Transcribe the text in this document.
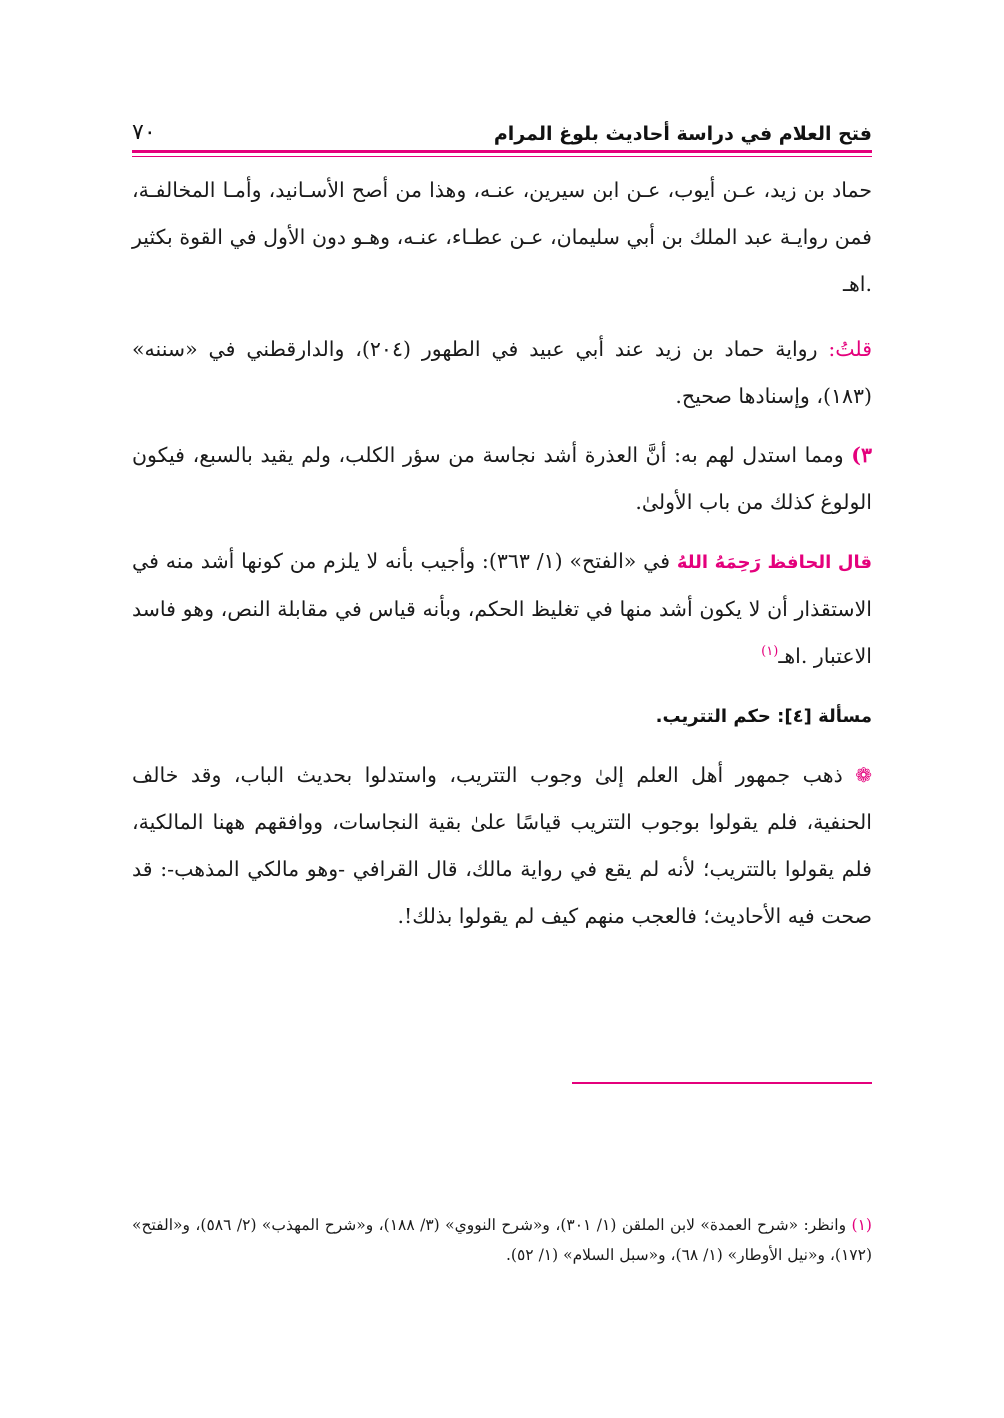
فتح العلام في دراسة أحاديث بلوغ المرام
٧٠

حماد بن زيد، عـن أيوب، عـن ابن سيرين، عنـه، وهذا من أصح الأسـانيد، وأمـا المخالفـة، فمن روايـة عبد الملك بن أبي سليمان، عـن عطـاء، عنـه، وهـو دون الأول في القوة بكثير .اهـ

قلتُ: رواية حماد بن زيد عند أبي عبيد في الطهور (٢٠٤)، والدارقطني في «سننه» (١٨٣)، وإسنادها صحيح.

٣) ومما استدل لهم به: أنَّ العذرة أشد نجاسة من سؤر الكلب، ولم يقيد بالسبع، فيكون الولوغ كذلك من باب الأولىٰ.

قال الحافظ رَحِمَهُ اللهُ في «الفتح» (١/ ٣٦٣): وأجيب بأنه لا يلزم من كونها أشد منه في الاستقذار أن لا يكون أشد منها في تغليظ الحكم، وبأنه قياس في مقابلة النص، وهو فاسد الاعتبار .اهـ$^{(١)}$

مسألة [٤]: حكم التتريب.

❁ ذهب جمهور أهل العلم إلىٰ وجوب التتريب، واستدلوا بحديث الباب، وقد خالف الحنفية، فلم يقولوا بوجوب التتريب قياسًا علىٰ بقية النجاسات، ووافقهم ههنا المالكية، فلم يقولوا بالتتريب؛ لأنه لم يقع في رواية مالك، قال القرافي -وهو مالكي المذهب-: قد صحت فيه الأحاديث؛ فالعجب منهم كيف لم يقولوا بذلك!.

(١) وانظر: «شرح العمدة» لابن الملقن (١/ ٣٠١)، و«شرح النووي» (٣/ ١٨٨)، و«شرح المهذب» (٢/ ٥٨٦)، و«الفتح» (١٧٢)، و«نيل الأوطار» (١/ ٦٨)، و«سبل السلام» (١/ ٥٢).
